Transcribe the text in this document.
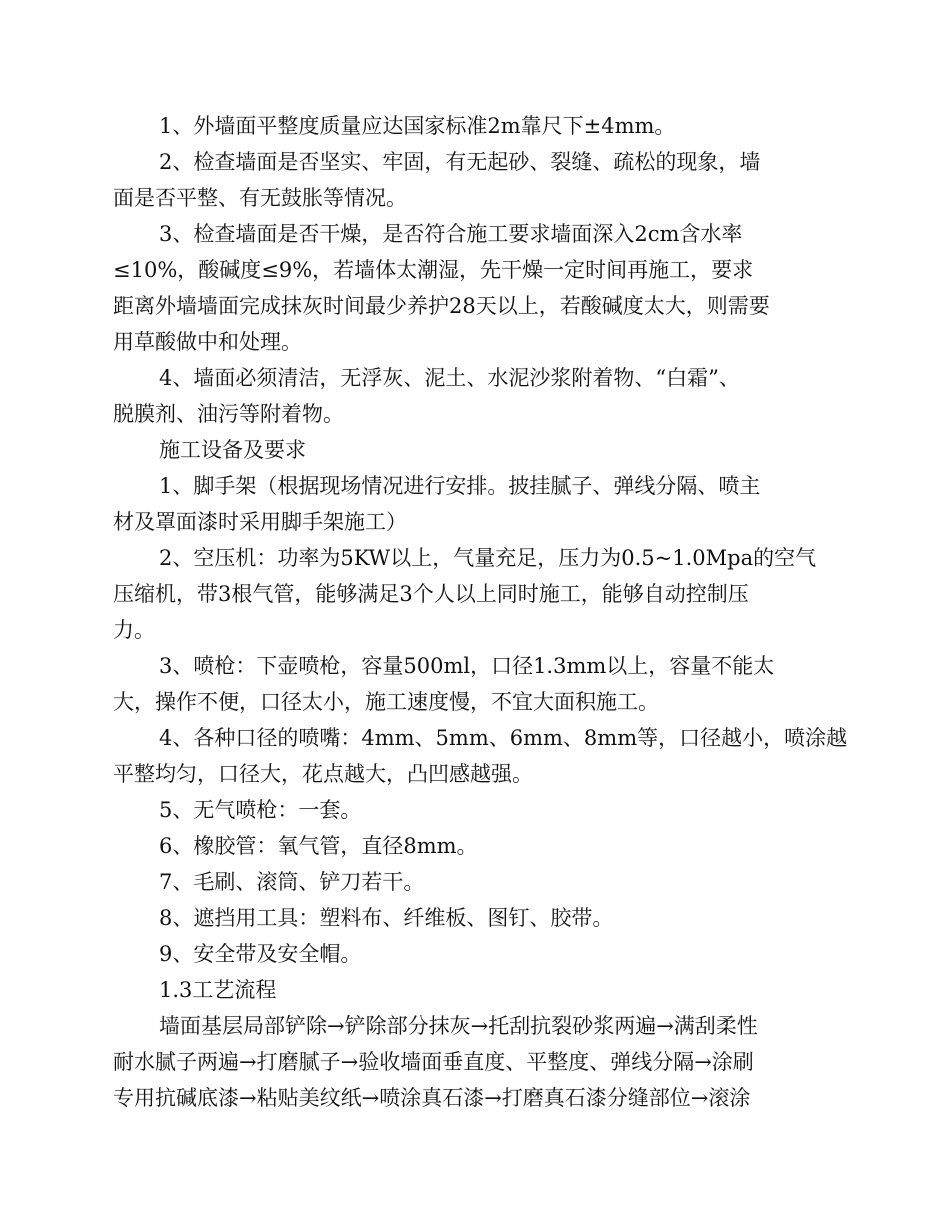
1、外墙面平整度质量应达国家标准2m靠尺下±4mm。

2、检查墙面是否坚实、牢固，有无起砂、裂缝、疏松的现象，墙
面是否平整、有无鼓胀等情况。

3、检查墙面是否干燥，是否符合施工要求墙面深入2cm含水率
≤10%，酸碱度≤9%，若墙体太潮湿，先干燥一定时间再施工，要求
距离外墙墙面完成抹灰时间最少养护28天以上，若酸碱度太大，则需要
用草酸做中和处理。

4、墙面必须清洁，无浮灰、泥土、水泥沙浆附着物、“白霜”、
脱膜剂、油污等附着物。

施工设备及要求

1、脚手架（根据现场情况进行安排。披挂腻子、弹线分隔、喷主
材及罩面漆时采用脚手架施工）

2、空压机：功率为5KW以上，气量充足，压力为0.5~1.0Mpa的空气
压缩机，带3根气管，能够满足3个人以上同时施工，能够自动控制压
力。

3、喷枪：下壶喷枪，容量500ml，口径1.3mm以上，容量不能太
大，操作不便，口径太小，施工速度慢，不宜大面积施工。

4、各种口径的喷嘴：4mm、5mm、6mm、8mm等，口径越小，喷涂越
平整均匀，口径大，花点越大，凸凹感越强。

5、无气喷枪：一套。

6、橡胶管：氧气管，直径8mm。

7、毛刷、滚筒、铲刀若干。

8、遮挡用工具：塑料布、纤维板、图钉、胶带。

9、安全带及安全帽。

1.3工艺流程

墙面基层局部铲除→铲除部分抹灰→托刮抗裂砂浆两遍→满刮柔性
耐水腻子两遍→打磨腻子→验收墙面垂直度、平整度、弹线分隔→涂刷
专用抗碱底漆→粘贴美纹纸→喷涂真石漆→打磨真石漆分缝部位→滚涂
